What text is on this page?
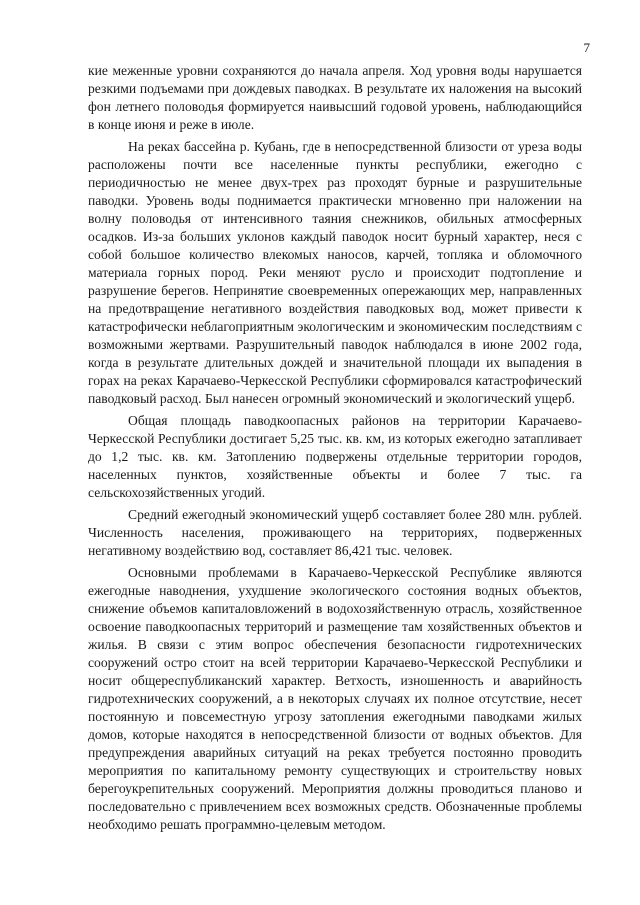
7

кие меженные уровни сохраняются до начала апреля. Ход уровня воды нарушается резкими подъемами при дождевых паводках. В результате их наложения на высокий фон летнего половодья формируется наивысший годовой уровень, наблюдающийся в конце июня и реже в июле.

На реках бассейна р. Кубань, где в непосредственной близости от уреза воды расположены почти все населенные пункты республики, ежегодно с периодичностью не менее двух-трех раз проходят бурные и разрушительные паводки. Уровень воды поднимается практически мгновенно при наложении на волну половодья от интенсивного таяния снежников, обильных атмосферных осадков. Из-за больших уклонов каждый паводок носит бурный характер, неся с собой большое количество влекомых наносов, карчей, топляка и обломочного материала горных пород. Реки меняют русло и происходит подтопление и разрушение берегов. Непринятие своевременных опережающих мер, направленных на предотвращение негативного воздействия паводковых вод, может привести к катастрофически неблагоприятным экологическим и экономическим последствиям с возможными жертвами. Разрушительный паводок наблюдался в июне 2002 года, когда в результате длительных дождей и значительной площади их выпадения в горах на реках Карачаево-Черкесской Республики сформировался катастрофический паводковый расход. Был нанесен огромный экономический и экологический ущерб.

Общая площадь паводкоопасных районов на территории Карачаево-Черкесской Республики достигает 5,25 тыс. кв. км, из которых ежегодно затапливает до 1,2 тыс. кв. км. Затоплению подвержены отдельные территории городов, населенных пунктов, хозяйственные объекты и более 7 тыс. га сельскохозяйственных угодий.

Средний ежегодный экономический ущерб составляет более 280 млн. рублей. Численность населения, проживающего на территориях, подверженных негативному воздействию вод, составляет 86,421 тыс. человек.

Основными проблемами в Карачаево-Черкесской Республике являются ежегодные наводнения, ухудшение экологического состояния водных объектов, снижение объемов капиталовложений в водохозяйственную отрасль, хозяйственное освоение паводкоопасных территорий и размещение там хозяйственных объектов и жилья. В связи с этим вопрос обеспечения безопасности гидротехнических сооружений остро стоит на всей территории Карачаево-Черкесской Республики и носит общереспубликанский характер. Ветхость, изношенность и аварийность гидротехнических сооружений, а в некоторых случаях их полное отсутствие, несет постоянную и повсеместную угрозу затопления ежегодными паводками жилых домов, которые находятся в непосредственной близости от водных объектов. Для предупреждения аварийных ситуаций на реках требуется постоянно проводить мероприятия по капитальному ремонту существующих и строительству новых берегоукрепительных сооружений. Мероприятия должны проводиться планово и последовательно с привлечением всех возможных средств. Обозначенные проблемы необходимо решать программно-целевым методом.
